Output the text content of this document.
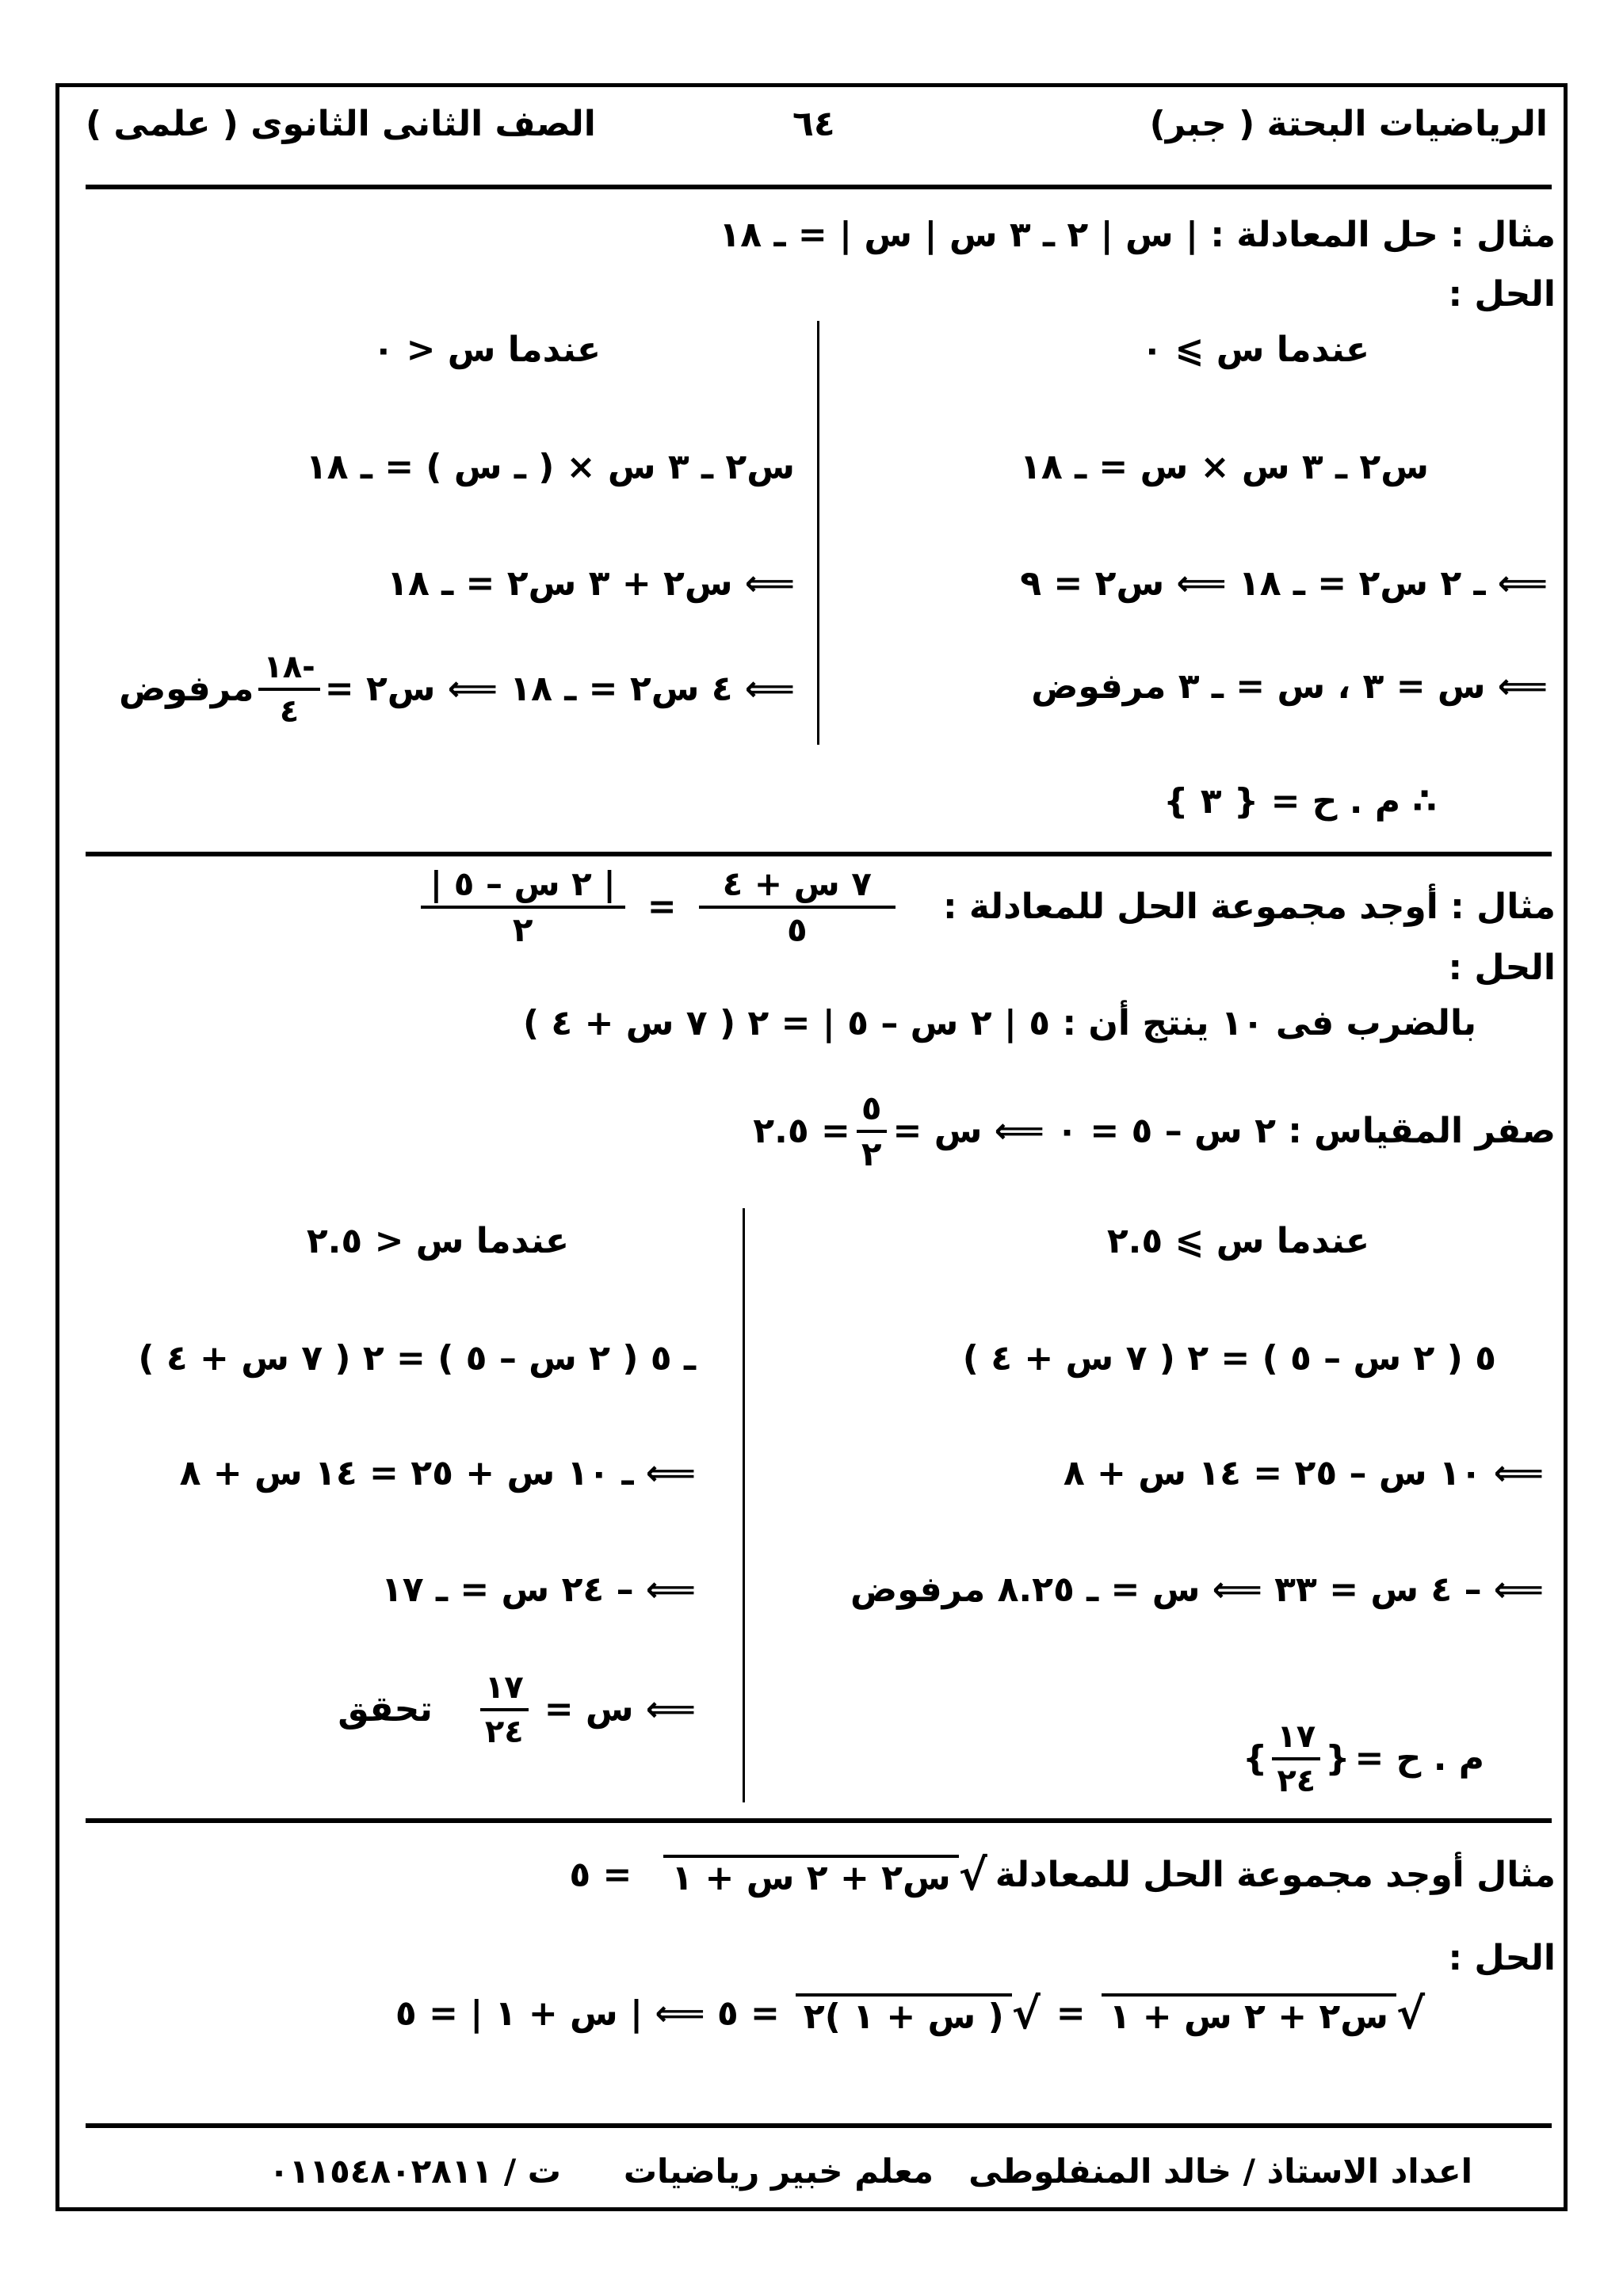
الرياضيات البحتة ( جبر)
٦٤
الصف الثانى الثانوى ( علمى )
مثال : حل المعادلة : | س | ٢ ـ ٣ س | س | = ـ ١٨
الحل :
عندما س ⩾ ٠
س٢ ـ ٣ س × س = ـ ١٨
⟸ ـ ٢ س٢ = ـ ١٨ ⟸ س٢ = ٩
⟸ س = ٣ ، س = ـ ٣ مرفوض
عندما س < ٠
س٢ ـ ٣ س × ( ـ س ) = ـ ١٨
⟸ س٢ + ٣ س٢ = ـ ١٨
⟸ ٤ س٢ = ـ ١٨ ⟸ س٢ =
$\frac{-١٨}{٤}$
مرفوض
∴ م . ح = { ٣ }
مثال : أوجد مجموعة الحل للمعادلة :
$\frac{\text{٧ س + ٤}}{٥}$
=
$\frac{\text{| ٢ س – ٥ |}}{٢}$
الحل :
بالضرب فى ١٠ ينتج أن : ٥ | ٢ س – ٥ | = ٢ ( ٧ س + ٤ )
صفر المقياس : ٢ س – ٥ = ٠ ⟸ س =
$\frac{٥}{٢}$
= ٢.٥
عندما س ⩾ ٢.٥
٥ ( ٢ س – ٥ ) = ٢ ( ٧ س + ٤ )
⟸ ١٠ س – ٢٥ = ١٤ س + ٨
⟸ – ٤ س = ٣٣ ⟸ س = ـ ٨.٢٥ مرفوض
م . ح =
{
$\frac{١٧}{٢٤}$
}
عندما س < ٢.٥
ـ ٥ ( ٢ س – ٥ ) = ٢ ( ٧ س + ٤ )
⟸ ـ ١٠ س + ٢٥ = ١٤ س + ٨
⟸ – ٢٤ س = ـ ١٧
⟸ س =
$\frac{١٧}{٢٤}$
تحقق
مثال أوجد مجموعة الحل للمعادلة
√
س٢ + ٢ س + ١
= ٥
الحل :
√
س٢ + ٢ س + ١
=
√
( س + ١ )٢
= ٥ ⟸ | س + ١ | = ٥
اعداد الاستاذ / خالد المنفلوطى
معلم خبير رياضيات
ت / ٠١١٥٤٨٠٢٨١١
